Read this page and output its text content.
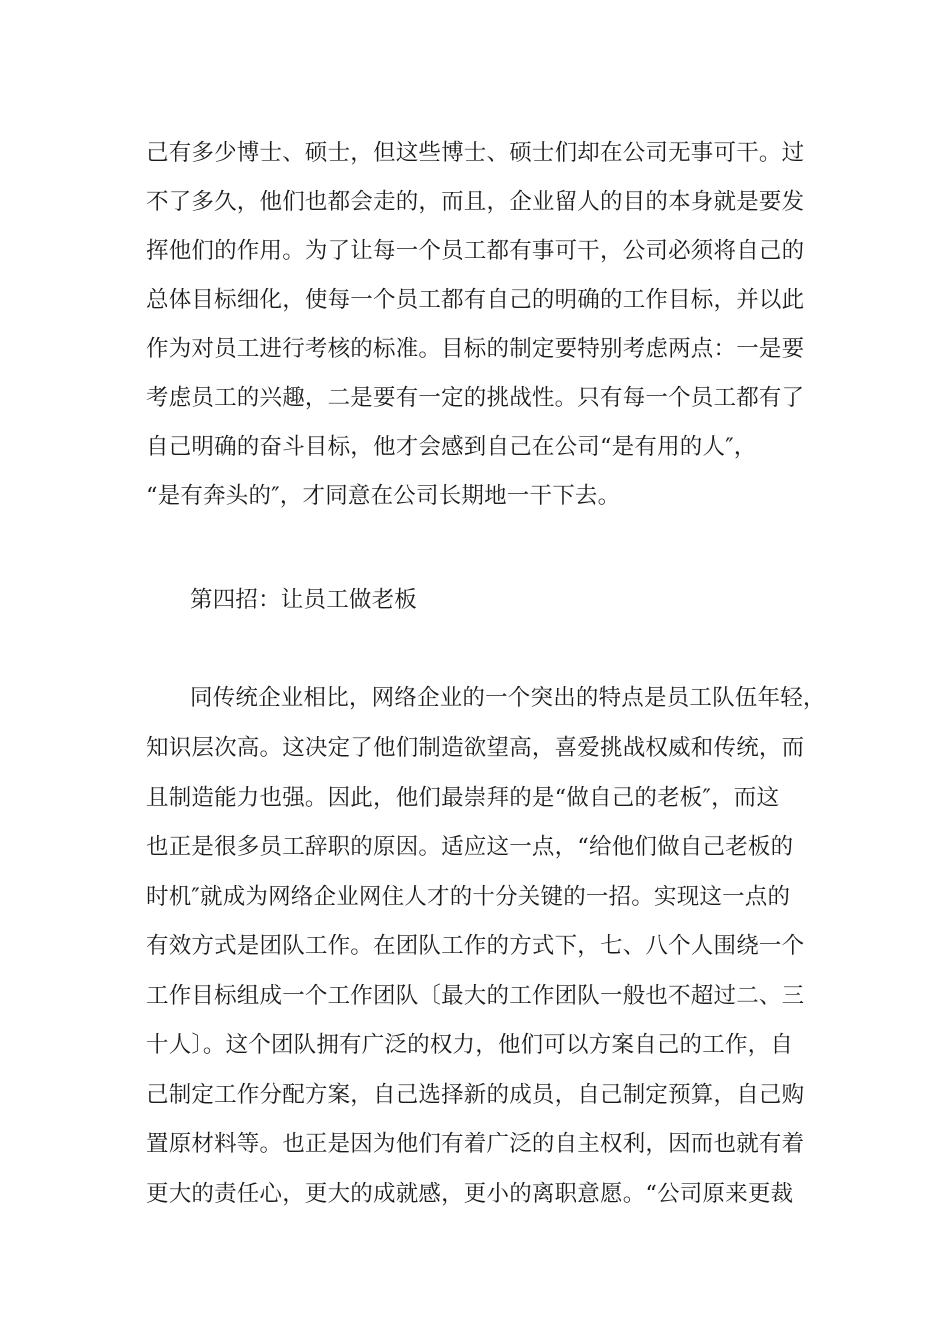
己有多少博士、硕士，但这些博士、硕士们却在公司无事可干。过
不了多久，他们也都会走的，而且，企业留人的目的本身就是要发
挥他们的作用。为了让每一个员工都有事可干，公司必须将自己的
总体目标细化，使每一个员工都有自己的明确的工作目标，并以此
作为对员工进行考核的标准。目标的制定要特别考虑两点：一是要
考虑员工的兴趣，二是要有一定的挑战性。只有每一个员工都有了
自己明确的奋斗目标，他才会感到自己在公司“是有用的人″，
“是有奔头的″，才同意在公司长期地一干下去。
第四招：让员工做老板
同传统企业相比，网络企业的一个突出的特点是员工队伍年轻，
知识层次高。这决定了他们制造欲望高，喜爱挑战权威和传统，而
且制造能力也强。因此，他们最崇拜的是“做自己的老板″，而这
也正是很多员工辞职的原因。适应这一点，“给他们做自己老板的
时机″就成为网络企业网住人才的十分关键的一招。实现这一点的
有效方式是团队工作。在团队工作的方式下，七、八个人围绕一个
工作目标组成一个工作团队〔最大的工作团队一般也不超过二、三
十人〕。这个团队拥有广泛的权力，他们可以方案自己的工作，自
己制定工作分配方案，自己选择新的成员，自己制定预算，自己购
置原材料等。也正是因为他们有着广泛的自主权利，因而也就有着
更大的责任心，更大的成就感，更小的离职意愿。“公司原来更裁
